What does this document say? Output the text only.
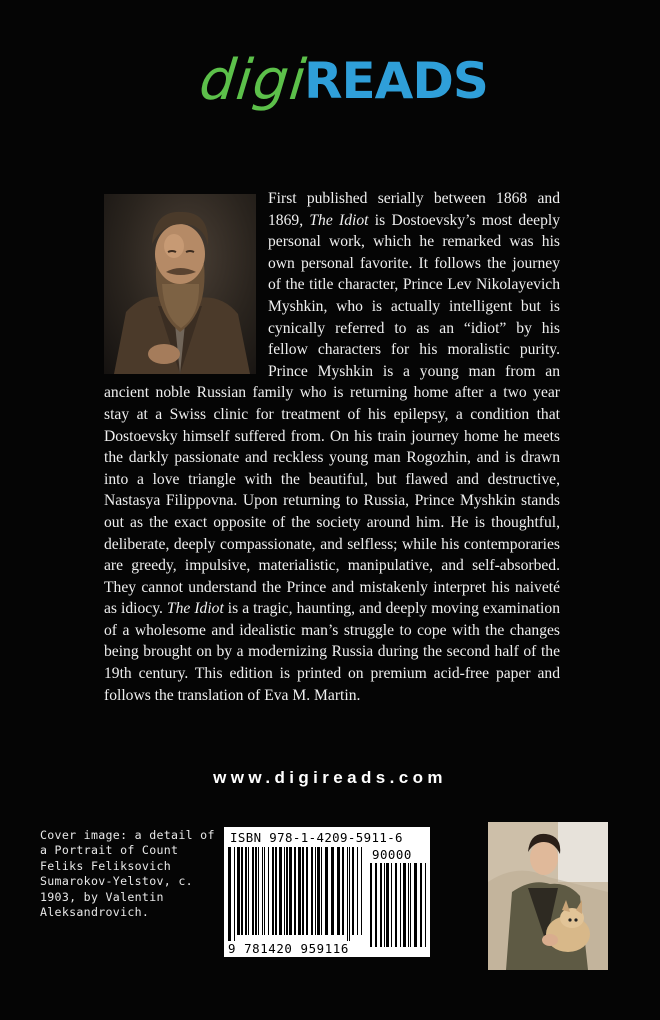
digi
READS
First published serially between 1868 and 1869, The Idiot is Dostoevsky’s most deeply personal work, which he remarked was his own personal favorite. It follows the journey of the title character, Prince Lev Nikolayevich Myshkin, who is actually intelligent but is cynically referred to as an “idiot” by his fellow characters for his moralistic purity. Prince Myshkin is a young man from an ancient noble Russian family who is returning home after a two year stay at a Swiss clinic for treatment of his epilepsy, a condition that Dostoevsky himself suffered from. On his train journey home he meets the darkly passionate and reckless young man Rogozhin, and is drawn into a love triangle with the beautiful, but flawed and destructive, Nastasya Filippovna. Upon returning to Russia, Prince Myshkin stands out as the exact opposite of the society around him. He is thoughtful, deliberate, deeply compassionate, and selfless; while his contemporaries are greedy, impulsive, materialistic, manipulative, and self-absorbed. They cannot understand the Prince and mistakenly interpret his naiveté as idiocy. The Idiot is a tragic, haunting, and deeply moving examination of a wholesome and idealistic man’s struggle to cope with the changes being brought on by a modernizing Russia during the second half of the 19th century. This edition is printed on premium acid-free paper and follows the translation of Eva M. Martin.
www.digireads.com
Cover image: a detail of a Portrait of Count Feliks Feliksovich Sumarokov-Yelstov, c. 1903, by Valentin Aleksandrovich.
ISBN 978-1-4209-5911-6
90000
9 781420 959116
